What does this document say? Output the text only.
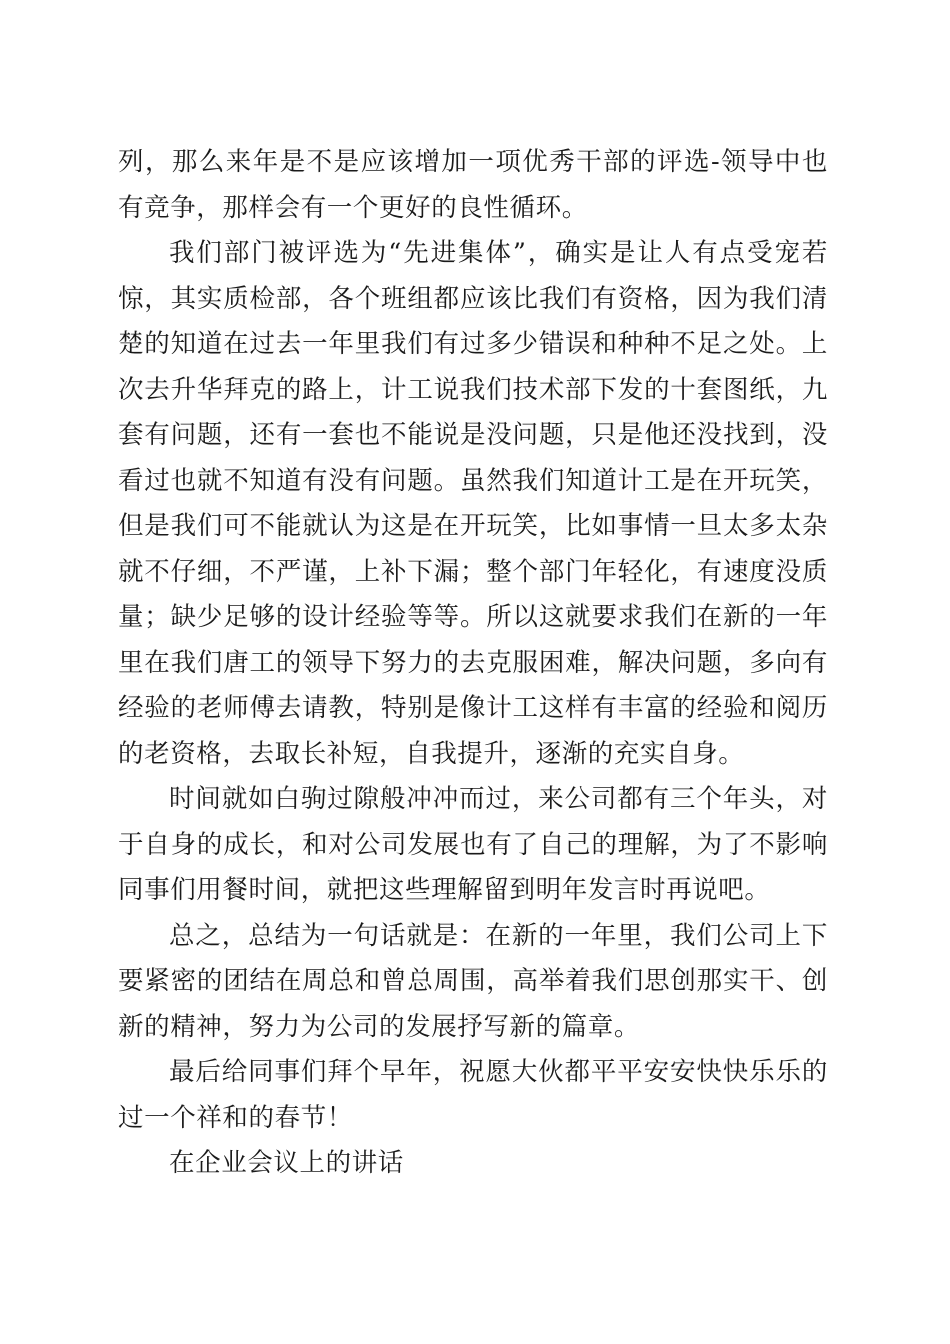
列，那么来年是不是应该增加一项优秀干部的评选-领导中也有竞争，那样会有一个更好的良性循环。

我们部门被评选为“先进集体”，确实是让人有点受宠若惊，其实质检部，各个班组都应该比我们有资格，因为我们清楚的知道在过去一年里我们有过多少错误和种种不足之处。上次去升华拜克的路上，计工说我们技术部下发的十套图纸，九套有问题，还有一套也不能说是没问题，只是他还没找到，没看过也就不知道有没有问题。虽然我们知道计工是在开玩笑，但是我们可不能就认为这是在开玩笑，比如事情一旦太多太杂就不仔细，不严谨，上补下漏；整个部门年轻化，有速度没质量；缺少足够的设计经验等等。所以这就要求我们在新的一年里在我们唐工的领导下努力的去克服困难，解决问题，多向有经验的老师傅去请教，特别是像计工这样有丰富的经验和阅历的老资格，去取长补短，自我提升，逐渐的充实自身。

时间就如白驹过隙般冲冲而过，来公司都有三个年头，对于自身的成长，和对公司发展也有了自己的理解，为了不影响同事们用餐时间，就把这些理解留到明年发言时再说吧。

总之，总结为一句话就是：在新的一年里，我们公司上下要紧密的团结在周总和曾总周围，高举着我们思创那实干、创新的精神，努力为公司的发展抒写新的篇章。

最后给同事们拜个早年，祝愿大伙都平平安安快快乐乐的过一个祥和的春节！

在企业会议上的讲话
